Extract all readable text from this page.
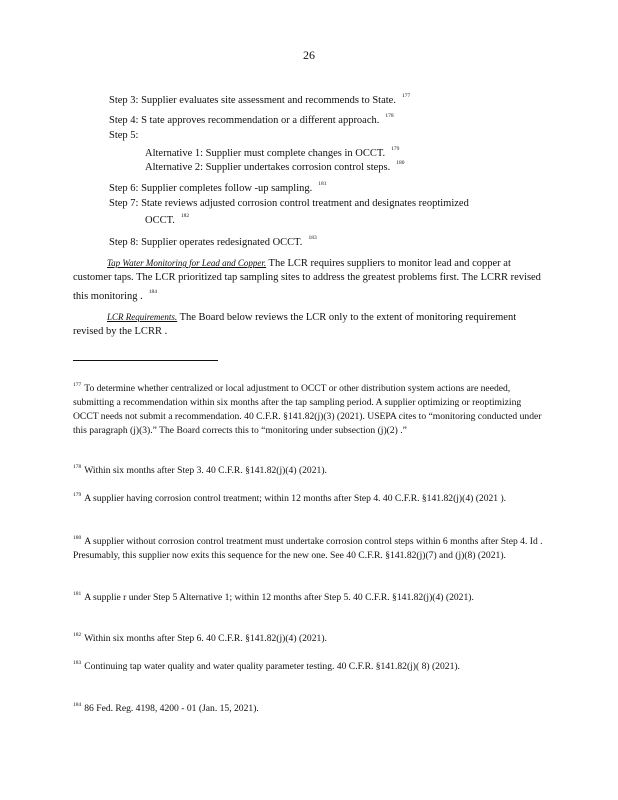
26
Step 3: Supplier evaluates site assessment and recommends to State. $^{177}$
Step 4: S tate approves recommendation or a different approach. $^{178}$
Step 5:
Alternative 1: Supplier must complete changes in OCCT. $^{179}$
Alternative 2: Supplier undertakes corrosion control steps. $^{180}$
Step 6: Supplier completes follow -up sampling. $^{181}$
Step 7: State reviews adjusted corrosion control treatment and designates reoptimized
OCCT. $^{182}$
Step 8: Supplier operates redesignated OCCT. $^{183}$
Tap Water Monitoring for Lead and Copper. The LCR requires suppliers to monitor lead and copper at customer taps. The LCR prioritized tap sampling sites to address the greatest problems first. The LCRR revised this monitoring . $^{184}$
LCR Requirements. The Board below reviews the LCR only to the extent of monitoring requirement revised by the LCRR .
$^{177}$ To determine whether centralized or local adjustment to OCCT or other distribution system actions are needed, submitting a recommendation within six months after the tap sampling period. A supplier optimizing or reoptimizing OCCT needs not submit a recommendation. 40 C.F.R. §141.82(j)(3) (2021). USEPA cites to “monitoring conducted under this paragraph (j)(3).” The Board corrects this to “monitoring under subsection (j)(2) .”
$^{178}$ Within six months after Step 3. 40 C.F.R. §141.82(j)(4) (2021).
$^{179}$ A supplier having corrosion control treatment; within 12 months after Step 4. 40 C.F.R. §141.82(j)(4) (2021 ).
$^{180}$ A supplier without corrosion control treatment must undertake corrosion control steps within 6 months after Step 4. Id . Presumably, this supplier now exits this sequence for the new one. See 40 C.F.R. §141.82(j)(7) and (j)(8) (2021).
$^{181}$ A supplie r under Step 5 Alternative 1; within 12 months after Step 5. 40 C.F.R. §141.82(j)(4) (2021).
$^{182}$ Within six months after Step 6. 40 C.F.R. §141.82(j)(4) (2021).
$^{183}$ Continuing tap water quality and water quality parameter testing. 40 C.F.R. §141.82(j)( 8) (2021).
$^{184}$ 86 Fed. Reg. 4198, 4200 - 01 (Jan. 15, 2021).
